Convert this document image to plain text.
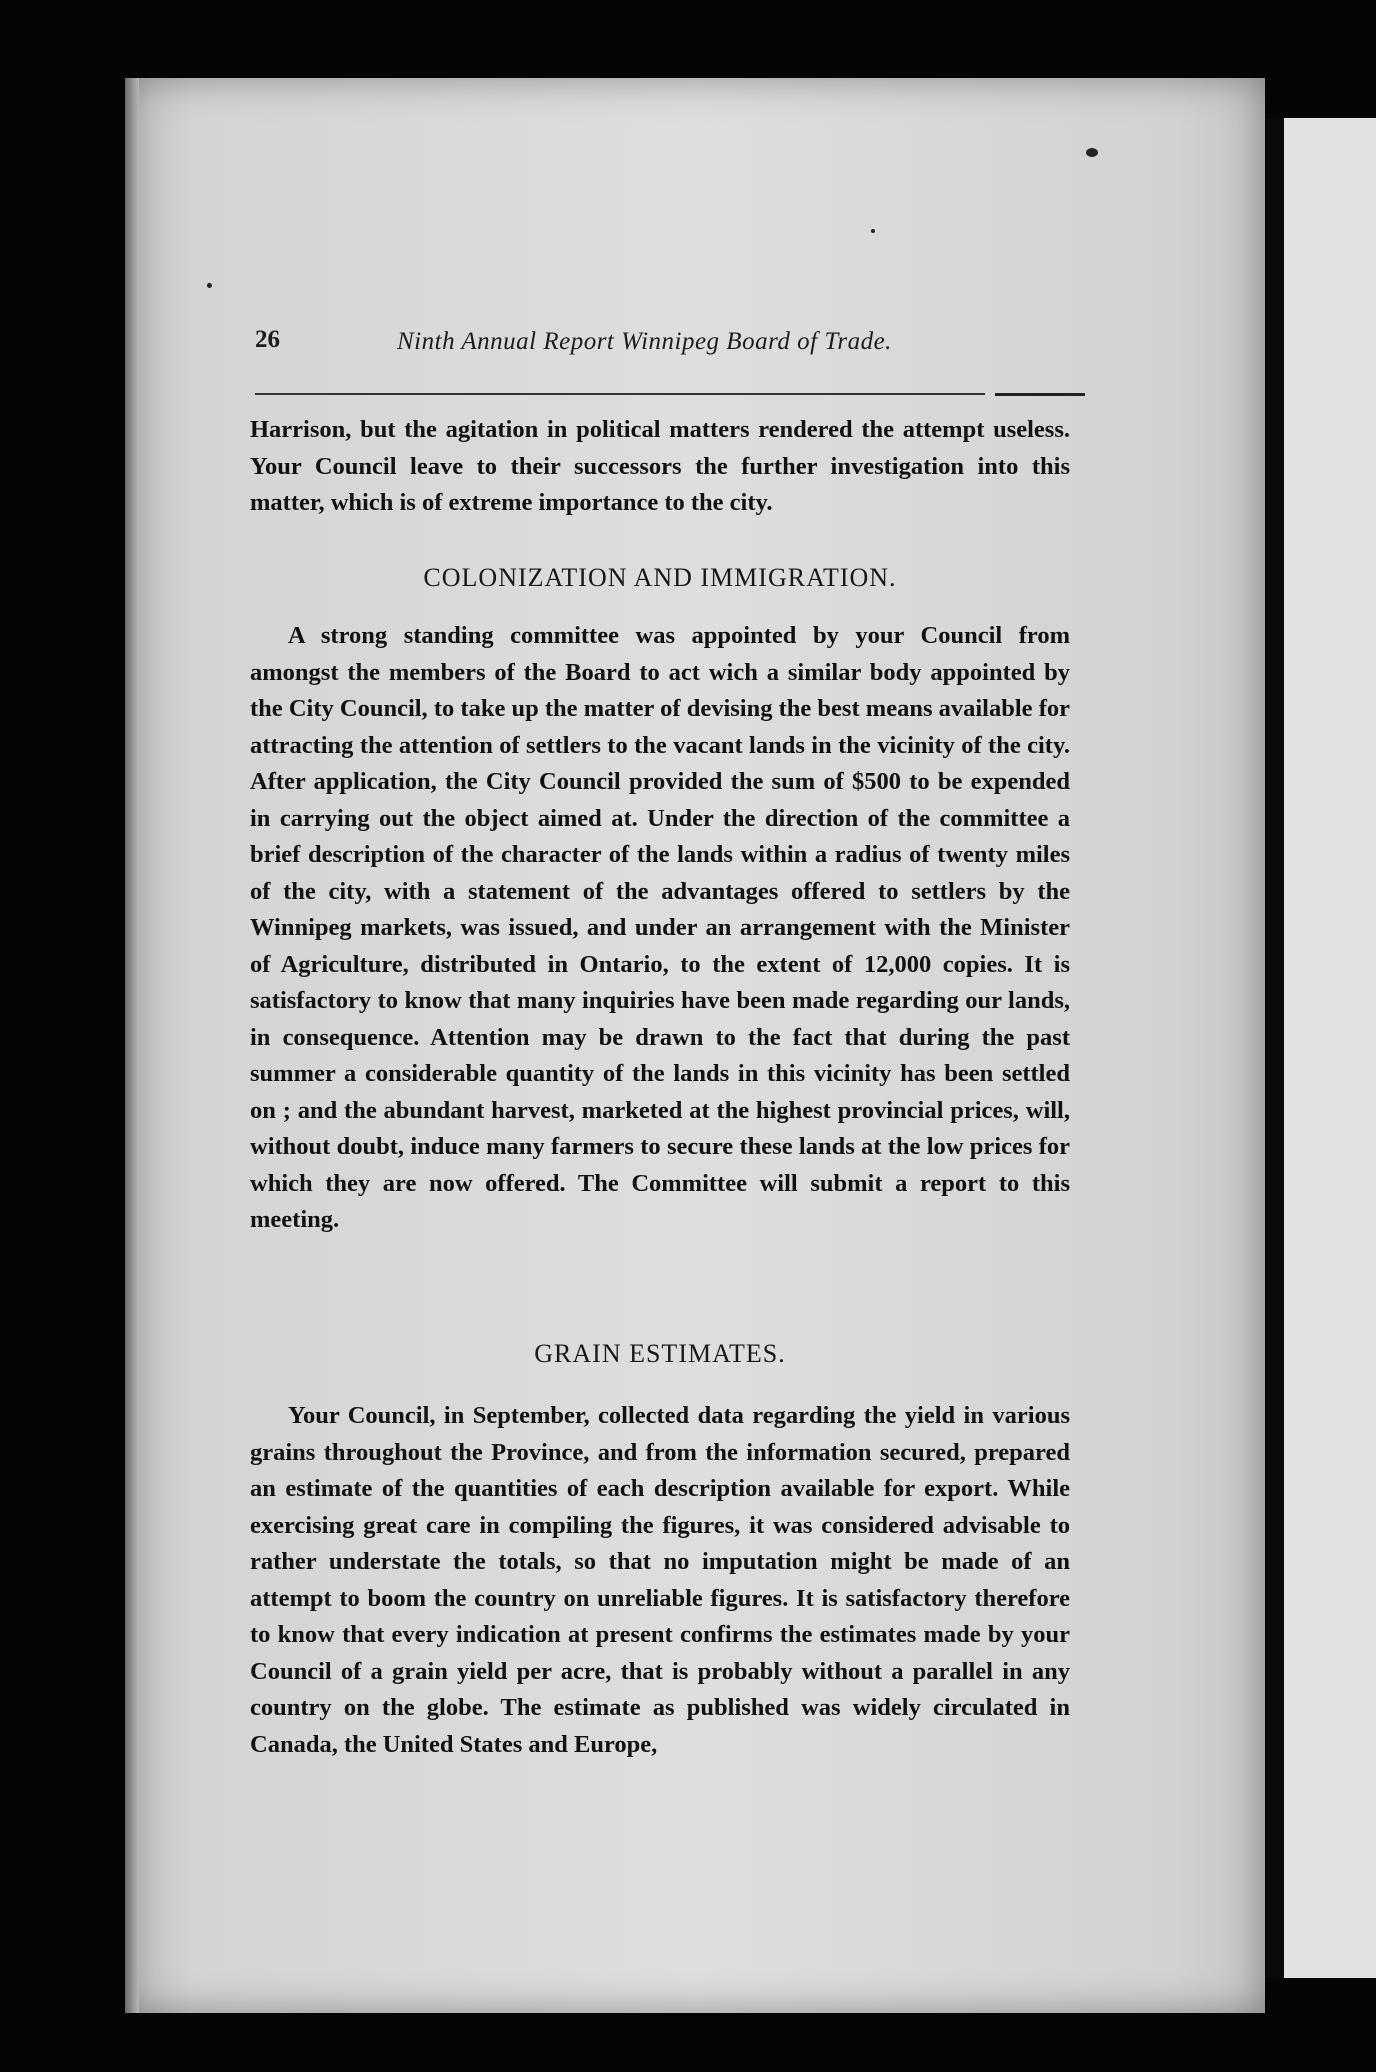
26	Ninth Annual Report Winnipeg Board of Trade.

Harrison, but the agitation in political matters rendered the attempt useless. Your Council leave to their successors the further investigation into this matter, which is of extreme importance to the city.

COLONIZATION AND IMMIGRATION.

A strong standing committee was appointed by your Council from amongst the members of the Board to act wich a similar body appointed by the City Council, to take up the matter of devising the best means available for attracting the attention of settlers to the vacant lands in the vicinity of the city. After application, the City Council provided the sum of $500 to be expended in carrying out the object aimed at. Under the direction of the committee a brief description of the character of the lands within a radius of twenty miles of the city, with a statement of the advantages offered to settlers by the Winnipeg markets, was issued, and under an arrangement with the Minister of Agriculture, distributed in Ontario, to the extent of 12,000 copies. It is satisfactory to know that many inquiries have been made regarding our lands, in consequence. Attention may be drawn to the fact that during the past summer a considerable quantity of the lands in this vicinity has been settled on ; and the abundant harvest, marketed at the highest provincial prices, will, without doubt, induce many farmers to secure these lands at the low prices for which they are now offered. The Committee will submit a report to this meeting.

GRAIN ESTIMATES.

Your Council, in September, collected data regarding the yield in various grains throughout the Province, and from the information secured, prepared an estimate of the quantities of each description available for export. While exercising great care in compiling the figures, it was considered advisable to rather understate the totals, so that no imputation might be made of an attempt to boom the country on unreliable figures. It is satisfactory therefore to know that every indication at present confirms the estimates made by your Council of a grain yield per acre, that is probably without a parallel in any country on the globe. The estimate as published was widely circulated in Canada, the United States and Europe,
